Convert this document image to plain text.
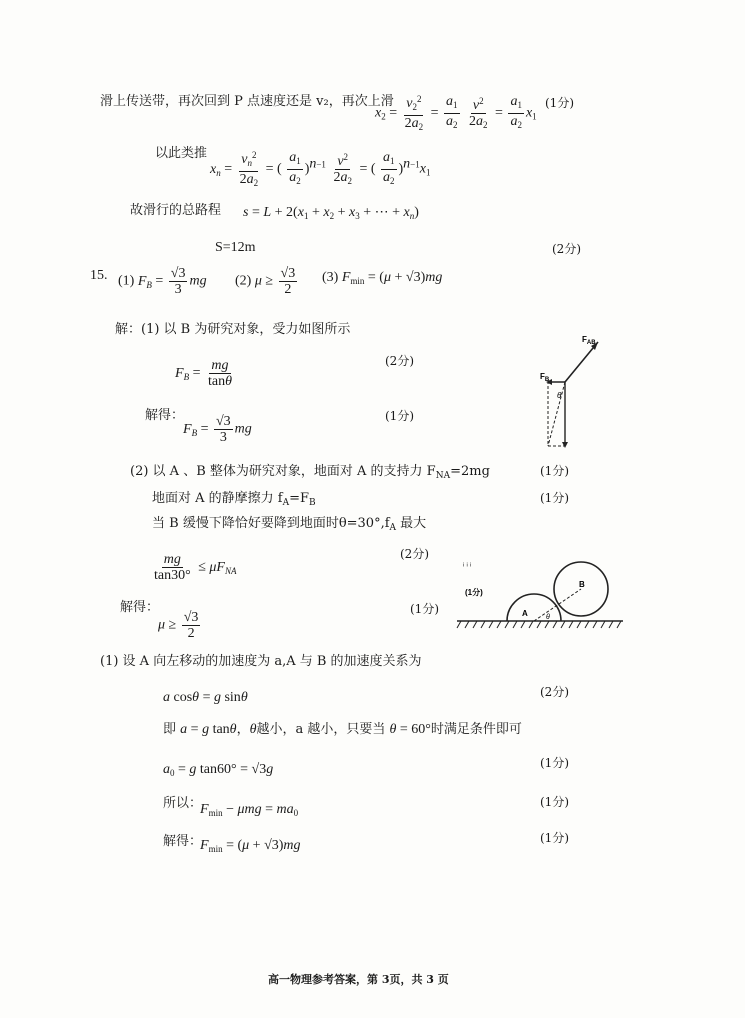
滑上传送带，再次回到 P 点速度还是 v₂，再次上滑
$x_2 = \frac{v_2^2}{2a_2} = \frac{a_1}{a_2}$
$\frac{v^2}{2a_2} = \frac{a_1}{a_2} x_1$
(1分)
以此类推
$x_n = \frac{v_n^2}{2a_2}$ = ( $\frac{a_1}{a_2} )^{n-1} \frac{v^2}{2a_2}$ = ( $\frac{a_1}{a_2} )^{n-1}x_1$
故滑行的总路程 $s = L + 2(x_1 + x_2 + x_3$ + ⋯ + $x_n$)
S=12m	(2分)
15. (1) $F_B = \frac{√3}{3}$ mg (2) $\mu \ge \frac{√3}{2} (3) F_{min} = (\mu + √3)mg$
解：(1) 以 B 为研究对象，受力如图所示
$F_B = \frac{mg}{\tan\theta}$	(2分)
解得：
$F_B = \frac{√3}{3}$ mg
(1分)
$F_{AB}$
$F_B$
θ
(2) 以 A 、B 整体为研究对象，地面对 A 的支持力 $F_{NA}=2mg$	(1分)
地面对 A 的静摩擦力 $f_A=F_B$	(1分)
当 B 缓慢下降恰好要降到地面时$\theta=30^\circ,f_A$ 最大
$\frac{mg}{\tan 30^\circ} \le \mu F_{NA}$
(2分)
解得：
$\mu \ge \frac{√3}{2}$
(1分)	A
B
θ
(1分)
ᵢ ᵢ ᵢ
(1) 设 A 向左移动的加速度为 a,A 与 B 的加速度关系为
a cosθ = g sinθ	(2分)
即 a = g tanθ，θ越小，a 越小，只要当 θ = 60°时满足条件即可
$a_0 = g$ tan60° = √3g	(1分)
所以：
$F_{min} - \mu mg = ma_0$
(1分)
解得：
$F_{min} = (\mu + √3)mg$	(1分)
高一物理参考答案，第 3页，共 3 页
